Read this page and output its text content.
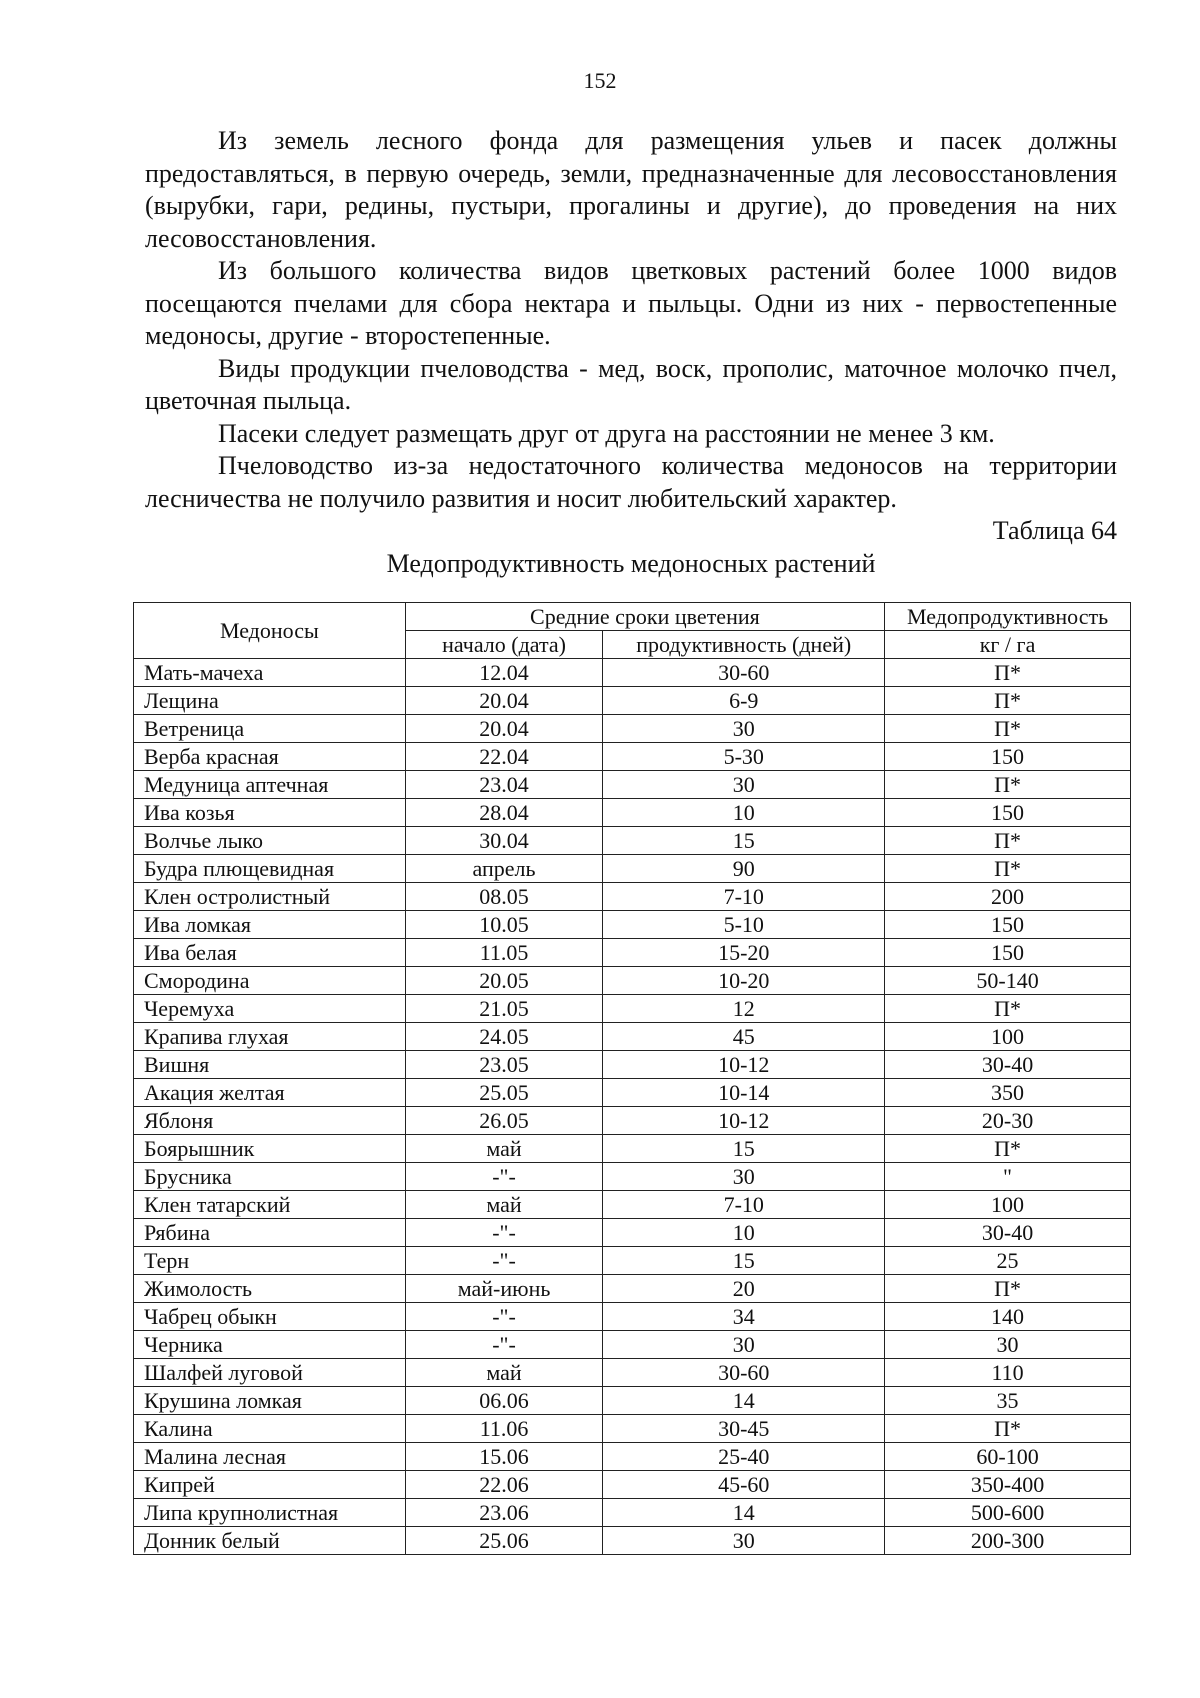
152

Из земель лесного фонда для размещения ульев и пасек должны предоставляться, в первую очередь, земли, предназначенные для лесовосстановления (вырубки, гари, редины, пустыри, прогалины и другие), до проведения на них лесовосстановления.

Из большого количества видов цветковых растений более 1000 видов посещаются пчелами для сбора нектара и пыльцы. Одни из них - первостепенные медоносы, другие - второстепенные.

Виды продукции пчеловодства - мед, воск, прополис, маточное молочко пчел, цветочная пыльца.

Пасеки следует размещать друг от друга на расстоянии не менее 3 км.

Пчеловодство из-за недостаточного количества медоносов на территории лесничества не получило развития и носит любительский характер.

Таблица 64

Медопродуктивность медоносных растений

Медоносы	Средние сроки цветения		Медопродуктивность
	начало (дата)	продуктивность (дней)	кг / га
Мать-мачеха	12.04	30-60	П*
Лещина	20.04	6-9	П*
Ветреница	20.04	30	П*
Верба красная	22.04	5-30	150
Медуница аптечная	23.04	30	П*
Ива козья	28.04	10	150
Волчье лыко	30.04	15	П*
Будра плющевидная	апрель	90	П*
Клен остролистный	08.05	7-10	200
Ива ломкая	10.05	5-10	150
Ива белая	11.05	15-20	150
Смородина	20.05	10-20	50-140
Черемуха	21.05	12	П*
Крапива глухая	24.05	45	100
Вишня	23.05	10-12	30-40
Акация желтая	25.05	10-14	350
Яблоня	26.05	10-12	20-30
Боярышник	май	15	П*
Брусника	-"-	30	"
Клен татарский	май	7-10	100
Рябина	-"-	10	30-40
Терн	-"-	15	25
Жимолость	май-июнь	20	П*
Чабрец обыкн	-"-	34	140
Черника	-"-	30	30
Шалфей луговой	май	30-60	110
Крушина ломкая	06.06	14	35
Калина	11.06	30-45	П*
Малина лесная	15.06	25-40	60-100
Кипрей	22.06	45-60	350-400
Липа крупнолистная	23.06	14	500-600
Донник белый	25.06	30	200-300
